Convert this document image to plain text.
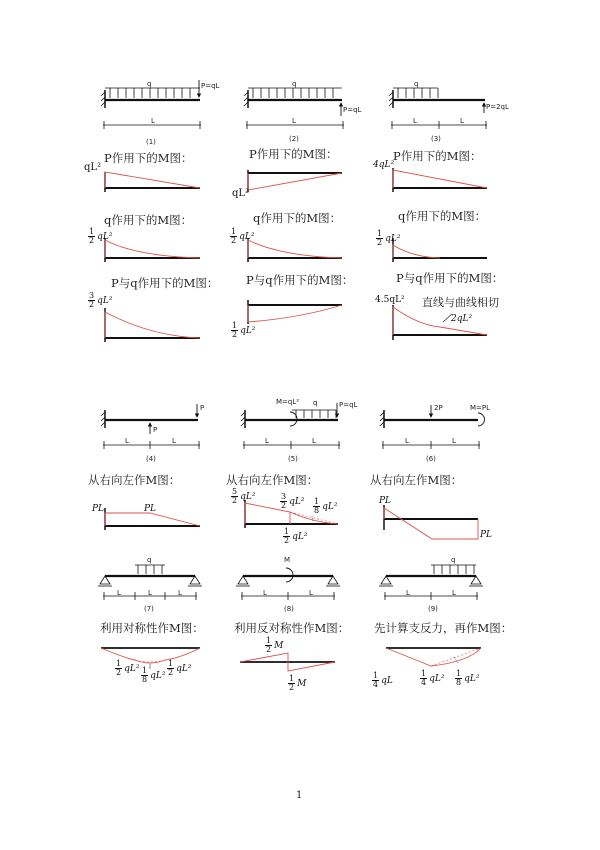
q	P=qL
L
(1)
q
P=qL
L
(2)
q
P=2qL
L	L
(3)
P作用下的M图：	P作用下的M图：	P作用下的M图：
qL²
qL²
4qL²
q作用下的M图：	q作用下的M图：	q作用下的M图：
$\frac{1}{2} qL^2$	$\frac{1}{2} qL^2$	$\frac{1}{2} qL^2$
P与q作用下的M图： P与q作用下的M图：	P与q作用下的M图：
$\frac{3}{2} qL^2$
$\frac{1}{2} qL^2$
4.5qL² 直线与曲线相切
2qL²
P
P
L	L
(4)
M=qL² q	P=qL
L	L
(5)
2P	M=PL
L	L
(6)
从右向左作M图：	从右向左作M图：	从右向左作M图：
PL	PL
$\frac{5}{2} qL^2$	$\frac{3}{2} qL^2 \frac{1}{8} qL^2$
$\frac{1}{2} qL^2$
PL
PL
q
L	L	L
(7)
M
L	L
(8)
q
L	L
(9)
利用对称性作M图：	利用反对称性作M图： 先计算支反力，再作M图：
$\frac{1}{2} qL^2 \frac{1}{8} qL^2 \frac{1}{2} qL^2$
$\frac{1}{2}$ M
$\frac{1}{2}$ M	$\frac{1}{4}$ qL	$\frac{1}{4} qL^2 \frac{1}{8} qL^2$
1
